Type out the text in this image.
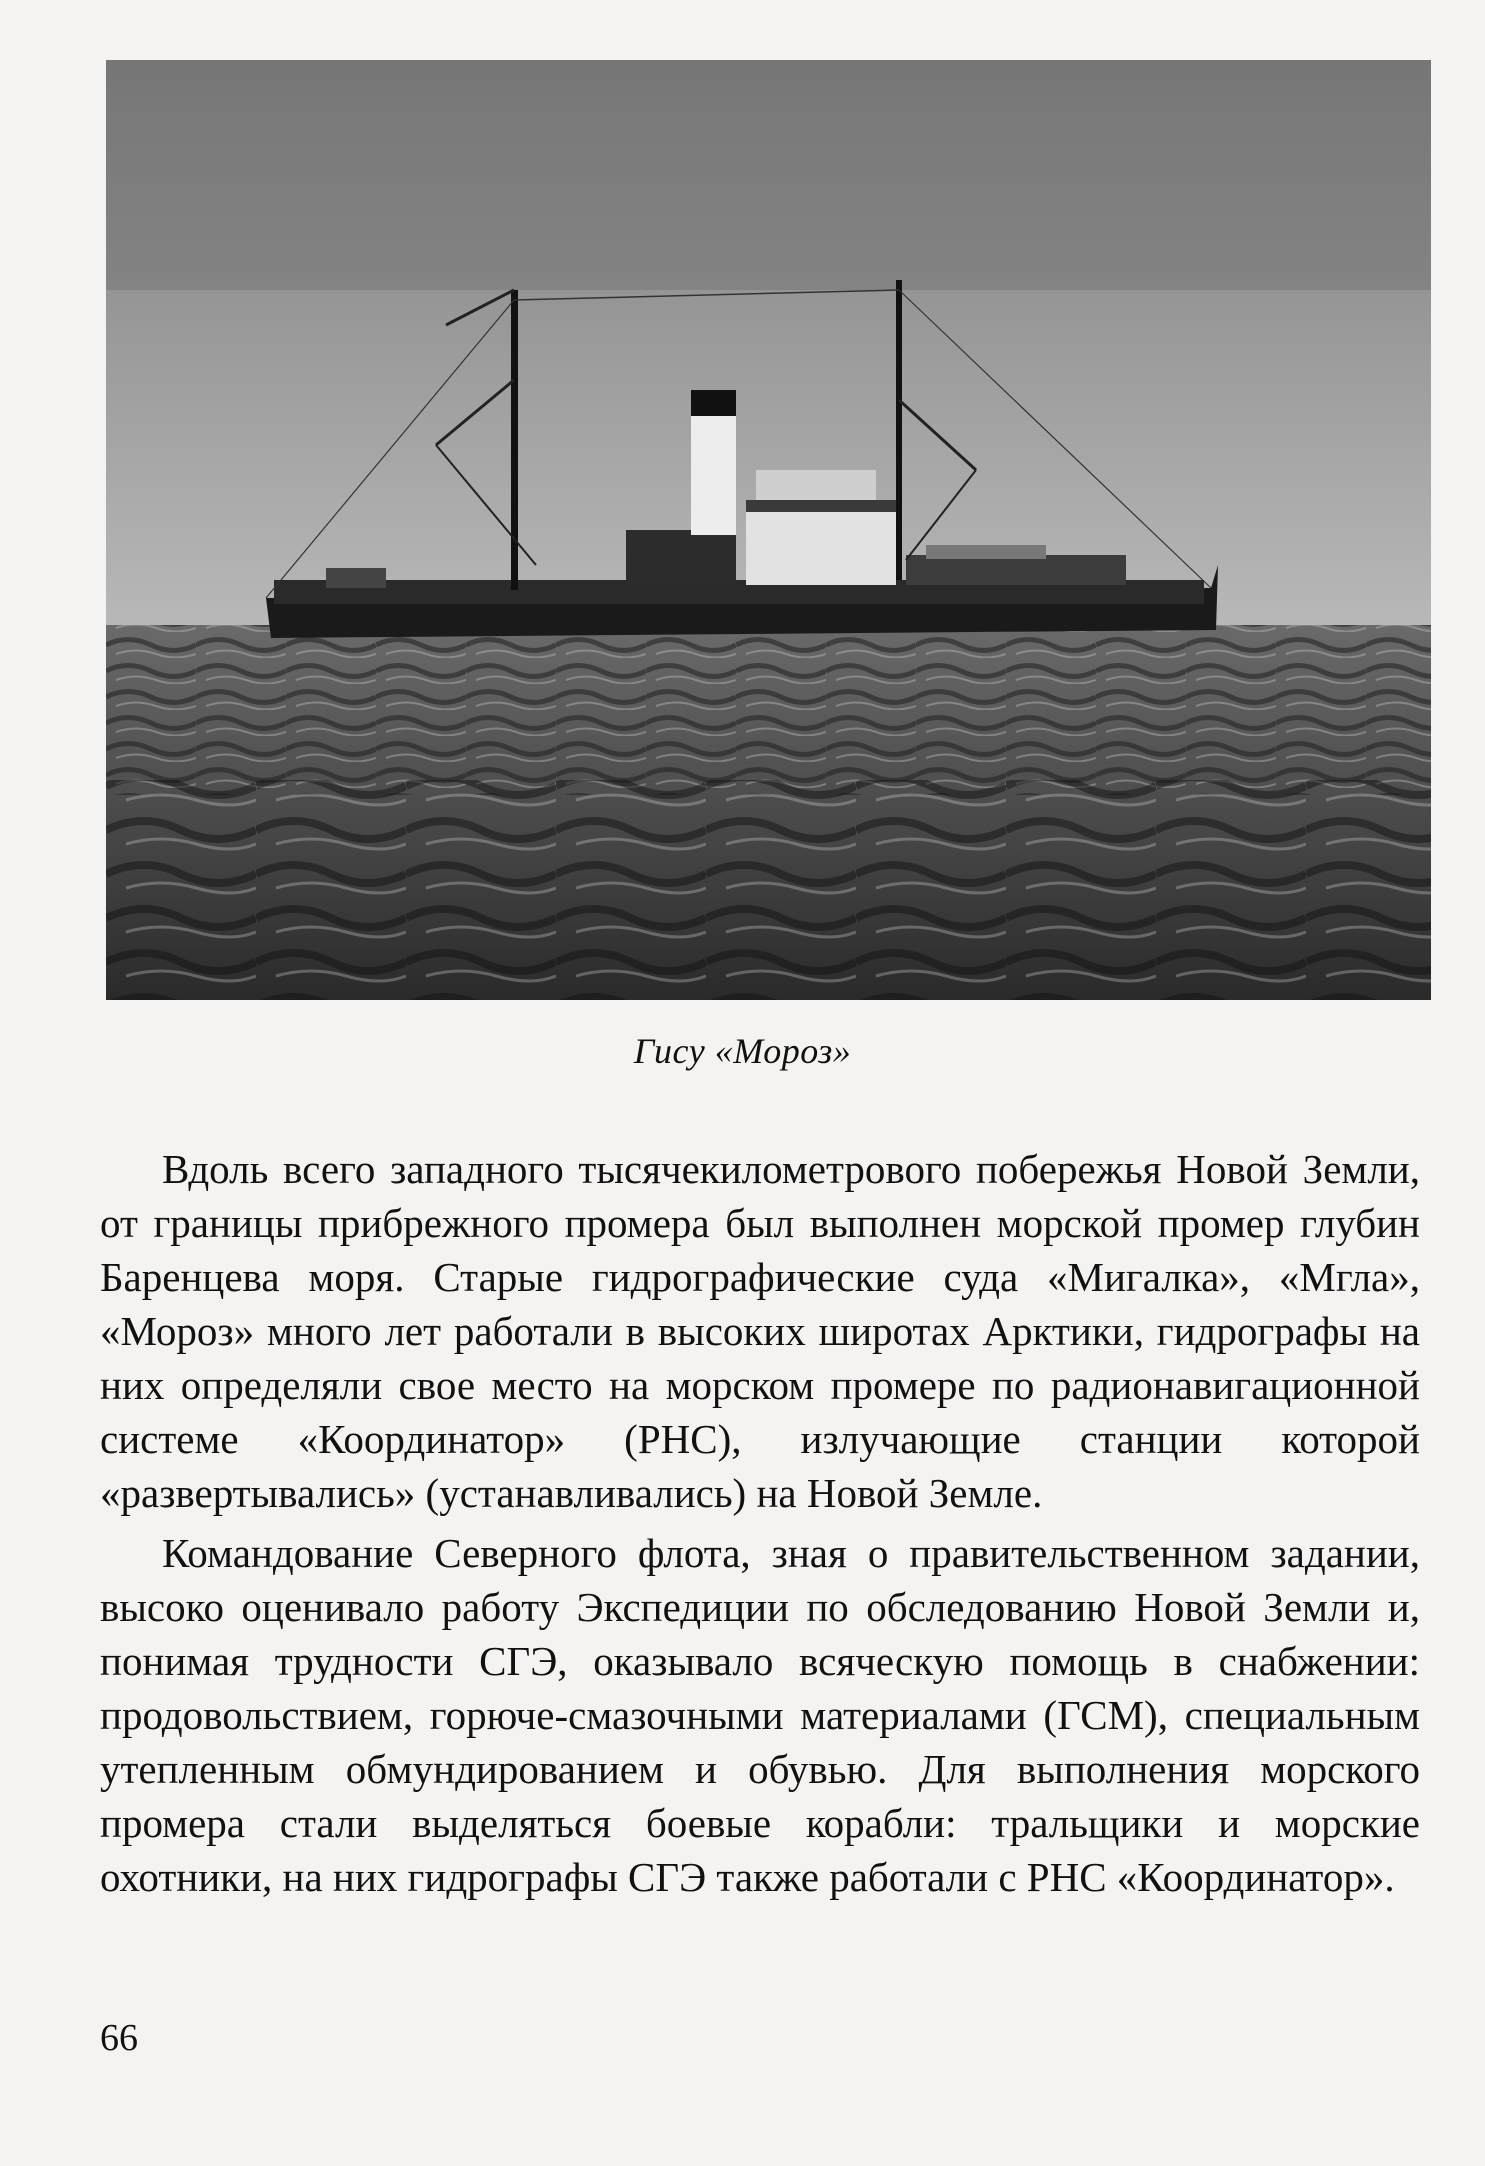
Гису «Мороз»

Вдоль всего западного тысячекилометрового побережья Новой Земли, от границы прибрежного промера был выполнен морской промер глубин Баренцева моря. Старые гидрографические суда «Мигалка», «Мгла», «Мороз» много лет работали в высоких широтах Арктики, гидрографы на них определяли свое место на морском промере по радионавигационной системе «Координатор» (РНС), излучающие станции которой «развертывались» (устанавливались) на Новой Земле.

Командование Северного флота, зная о правительственном задании, высоко оценивало работу Экспедиции по обследованию Новой Земли и, понимая трудности СГЭ, оказывало всяческую помощь в снабжении: продовольствием, горюче-смазочными материалами (ГСМ), специальным утепленным обмундированием и обувью. Для выполнения морского промера стали выделяться боевые корабли: тральщики и морские охотники, на них гидрографы СГЭ также работали с РНС «Координатор».

66
